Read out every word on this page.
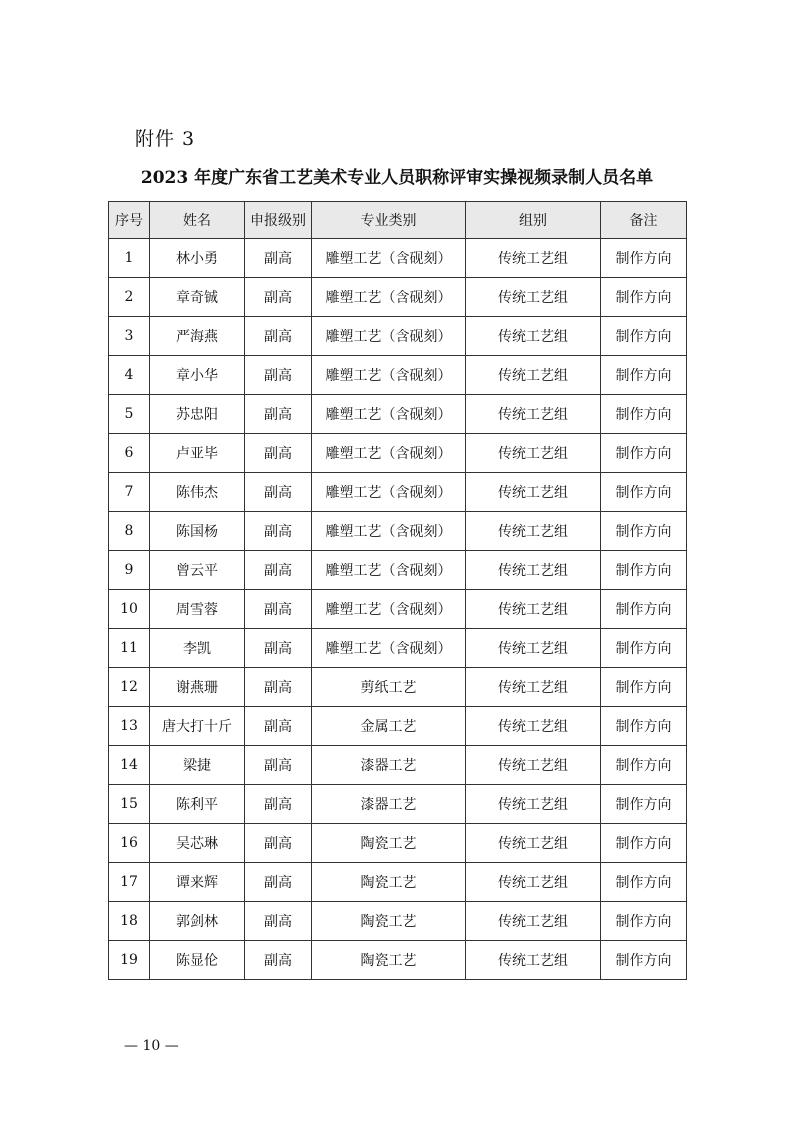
附件 3
2023 年度广东省工艺美术专业人员职称评审实操视频录制人员名单
序号	姓名	申报级别	专业类别	组别	备注
1	林小勇	副高	雕塑工艺（含砚刻）	传统工艺组	制作方向
2	章奇铖	副高	雕塑工艺（含砚刻）	传统工艺组	制作方向
3	严海燕	副高	雕塑工艺（含砚刻）	传统工艺组	制作方向
4	章小华	副高	雕塑工艺（含砚刻）	传统工艺组	制作方向
5	苏忠阳	副高	雕塑工艺（含砚刻）	传统工艺组	制作方向
6	卢亚毕	副高	雕塑工艺（含砚刻）	传统工艺组	制作方向
7	陈伟杰	副高	雕塑工艺（含砚刻）	传统工艺组	制作方向
8	陈国杨	副高	雕塑工艺（含砚刻）	传统工艺组	制作方向
9	曾云平	副高	雕塑工艺（含砚刻）	传统工艺组	制作方向
10	周雪蓉	副高	雕塑工艺（含砚刻）	传统工艺组	制作方向
11	李凯	副高	雕塑工艺（含砚刻）	传统工艺组	制作方向
12	谢燕珊	副高	剪纸工艺	传统工艺组	制作方向
13	唐大打十斤	副高	金属工艺	传统工艺组	制作方向
14	梁捷	副高	漆器工艺	传统工艺组	制作方向
15	陈利平	副高	漆器工艺	传统工艺组	制作方向
16	吴芯琳	副高	陶瓷工艺	传统工艺组	制作方向
17	谭来辉	副高	陶瓷工艺	传统工艺组	制作方向
18	郭剑林	副高	陶瓷工艺	传统工艺组	制作方向
19	陈显伦	副高	陶瓷工艺	传统工艺组	制作方向
— 10 —
